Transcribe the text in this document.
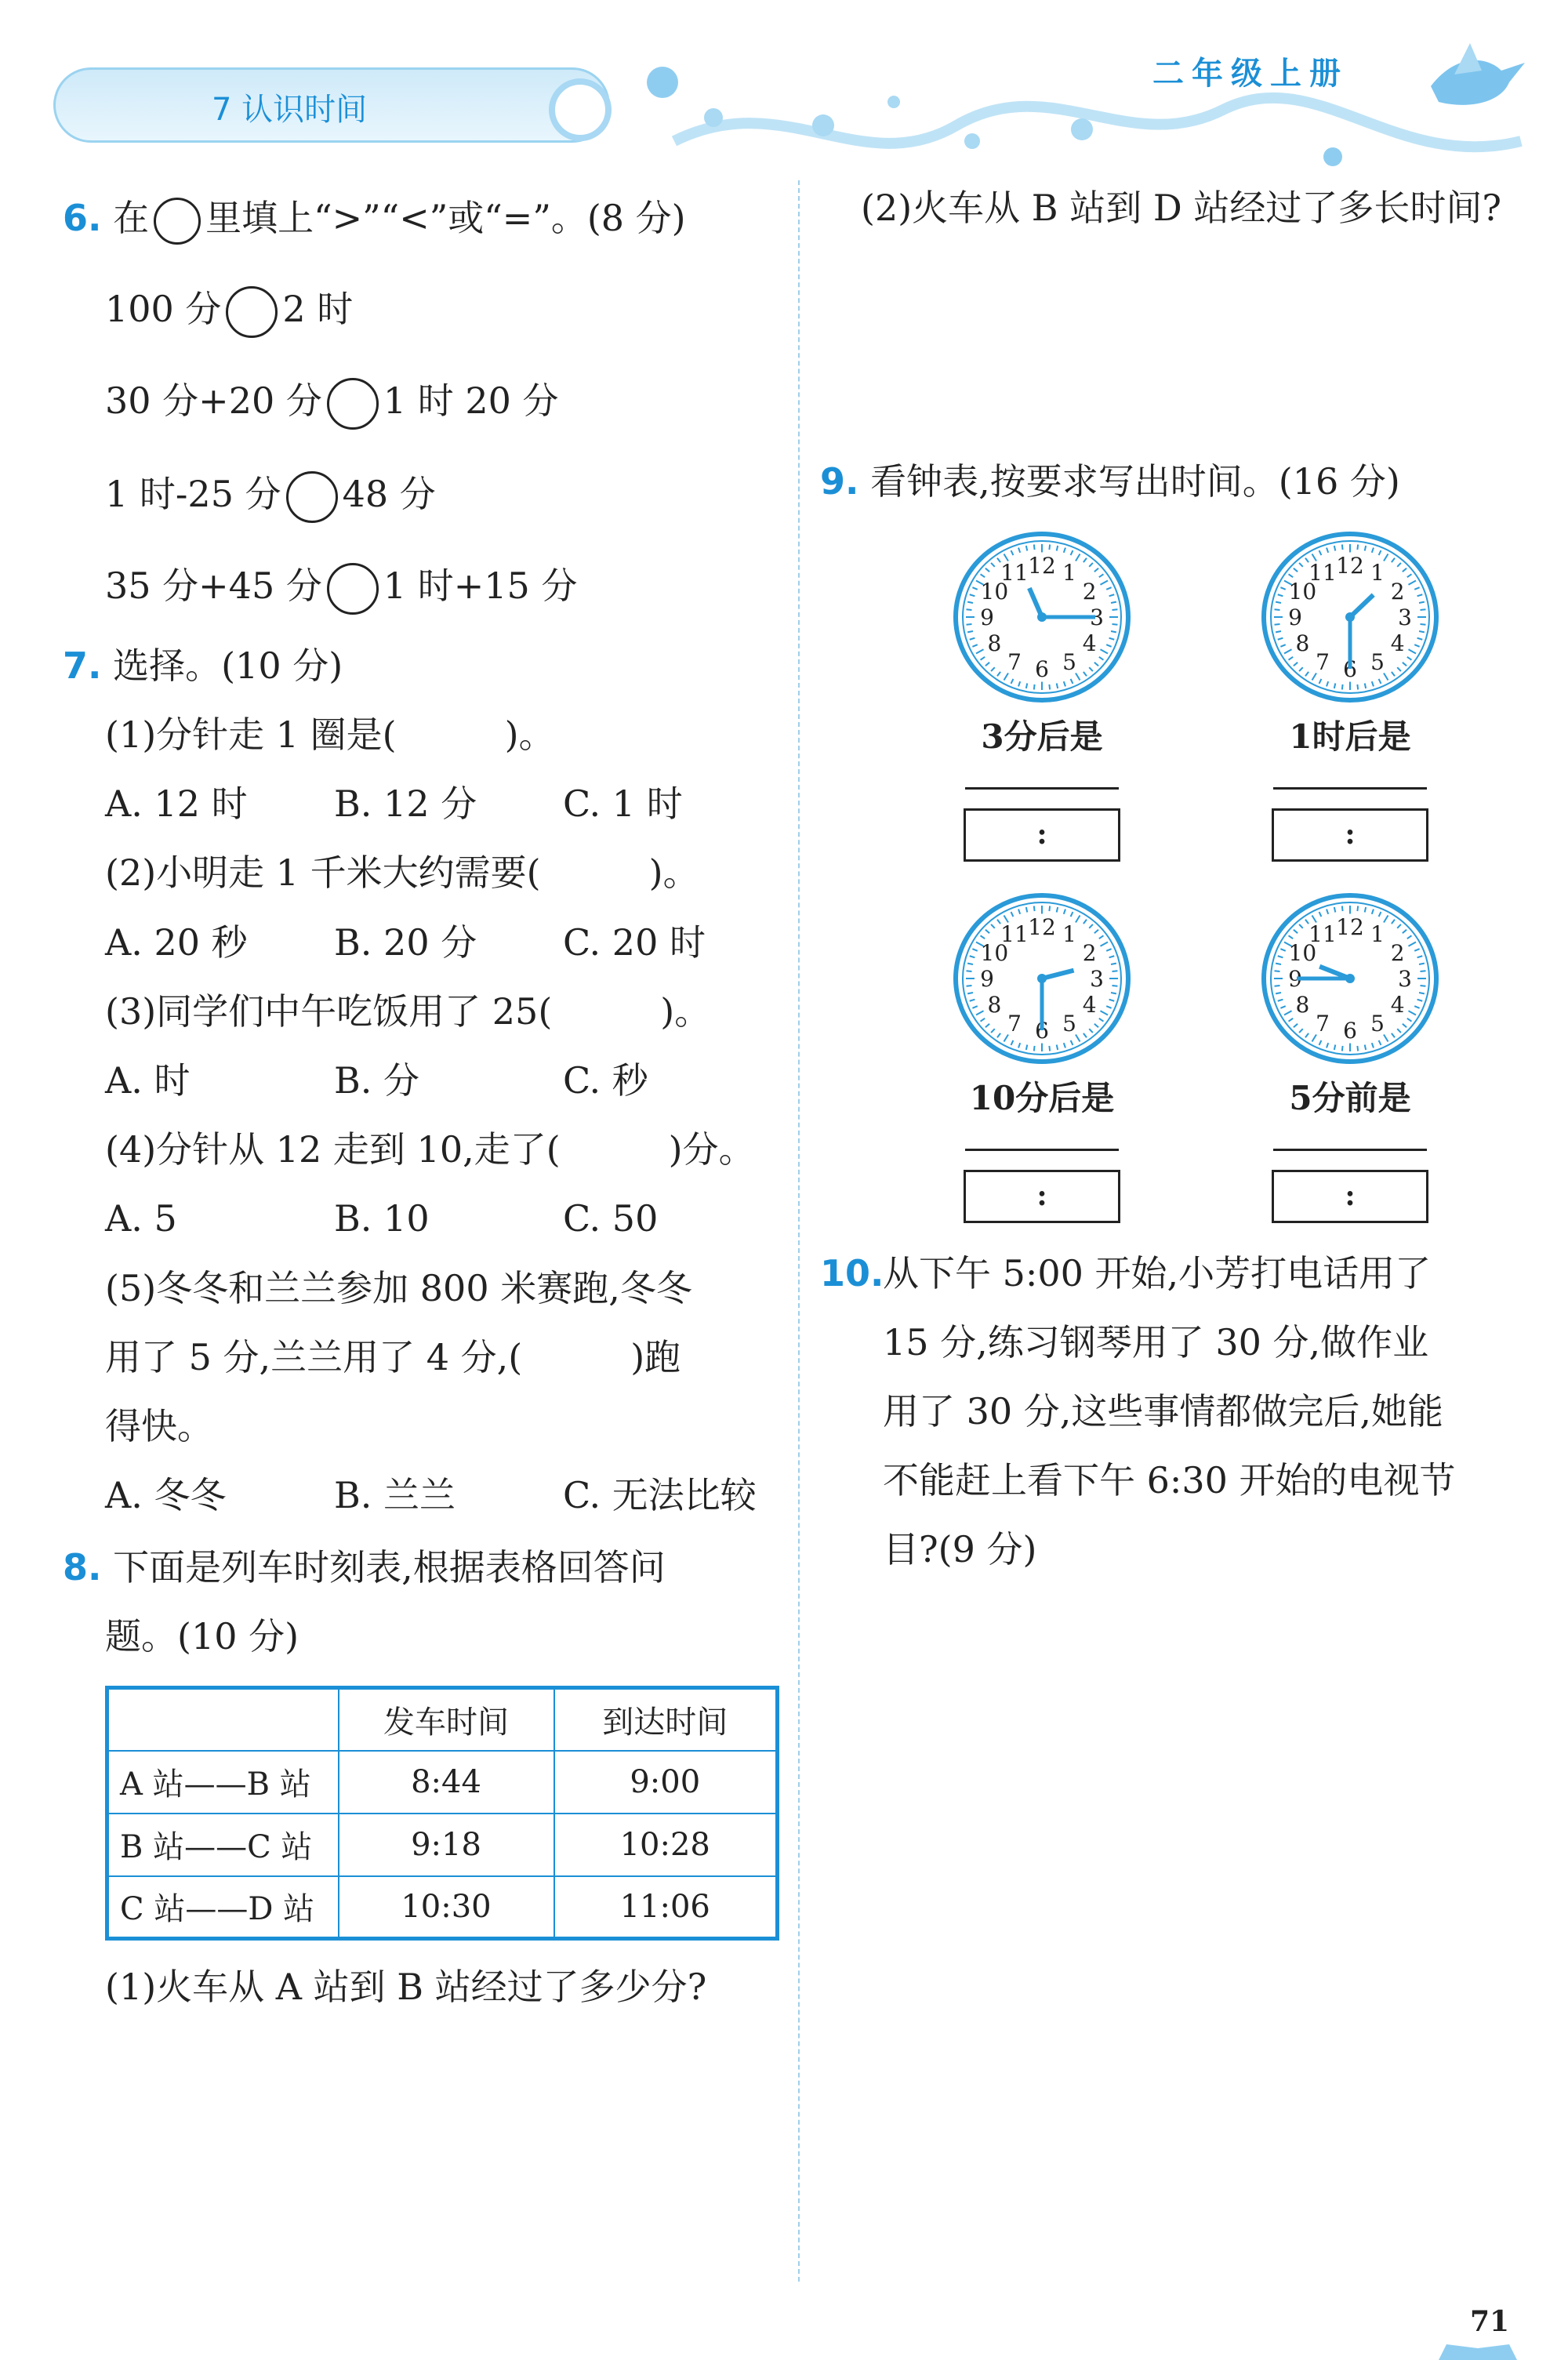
7 认识时间
二年级上册
6. 在 里填上“>”“<”或“=”。(8 分)
100 分 2 时
30 分+20 分 1 时 20 分
1 时-25 分 48 分
35 分+45 分 1 时+15 分
7. 选择。(10 分)
(1)分针走 1 圈是(　　　)。
A. 12 时 B. 12 分 C. 1 时
(2)小明走 1 千米大约需要(　　　)。
A. 20 秒 B. 20 分 C. 20 时
(3)同学们中午吃饭用了 25(　　　)。
A. 时	B. 分	C. 秒
(4)分针从 12 走到 10,走了(　　　)分。
A. 5	B. 10	C. 50
(5)冬冬和兰兰参加 800 米赛跑,冬冬
用了 5 分,兰兰用了 4 分,(　　　)跑
得快。
A. 冬冬	B. 兰兰	C. 无法比较
8. 下面是列车时刻表,根据表格回答问
题。(10 分)
	发车时间	到达时间
A 站——B 站	8:44	9:00
B 站——C 站	9:18	10:28
C 站——D 站	10:30	11:06
(1)火车从 A 站到 B 站经过了多少分?
(2)火车从 B 站到 D 站经过了多长时间?
9. 看钟表,按要求写出时间。(16 分)
1
2
3
4
5
6
7
8
9
10
11 12
3分后是
:
1
2
3
4
5
6
7
8
9
10
11 12
1时后是
:
1
2
3
4
5
6
7
8
9
10
11 12
10分后是
:
1
2
3
4
5
6
7
8
9
10
11 12
5分前是
:
10.
从下午 5:00 开始,小芳打电话用了
15 分,练习钢琴用了 30 分,做作业
用了 30 分,这些事情都做完后,她能
不能赶上看下午 6:30 开始的电视节
目?(9 分)
71
